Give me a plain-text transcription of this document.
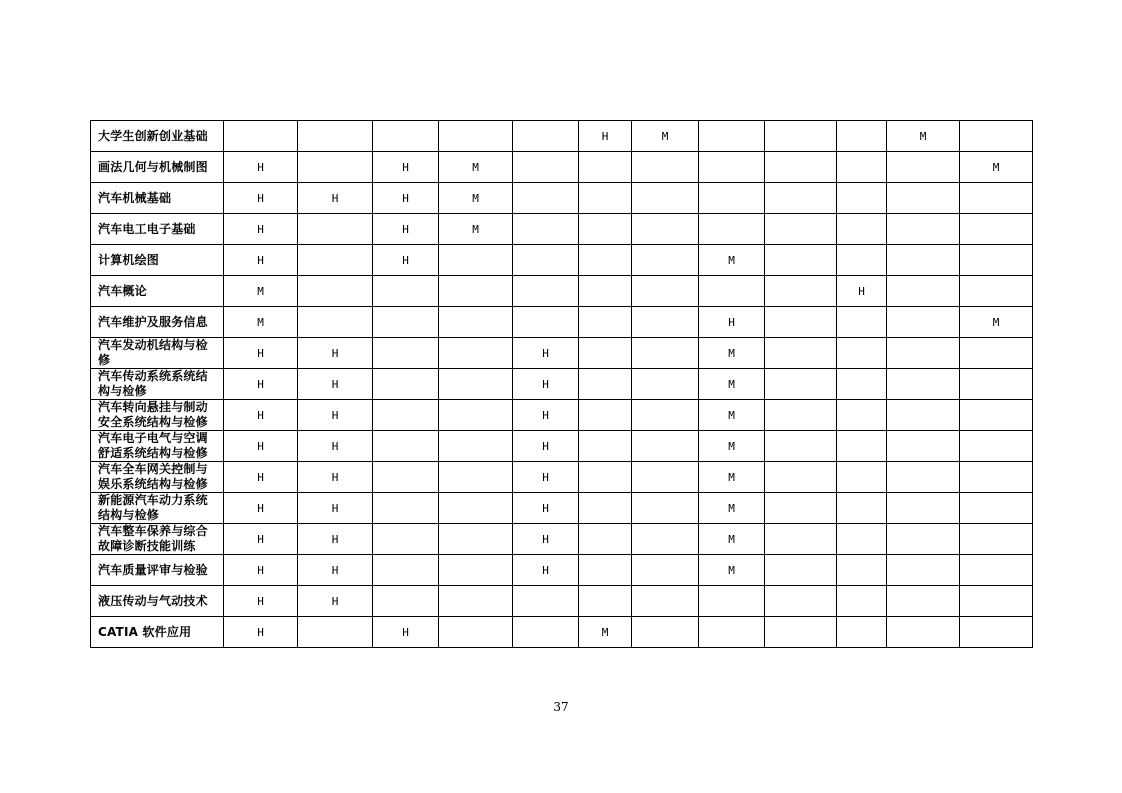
大学生创新创业基础						H	M				M	
画法几何与机械制图	H		H	M								M
汽车机械基础	H	H	H	M								
汽车电工电子基础	H		H	M								
计算机绘图	H		H					M				
汽车概论	M									H		
汽车维护及服务信息	M							H				M
汽车发动机结构与检修	H	H			H			M				
汽车传动系统系统结构与检修	H	H			H			M				
汽车转向悬挂与制动安全系统结构与检修	H	H			H			M				
汽车电子电气与空调舒适系统结构与检修	H	H			H			M				
汽车全车网关控制与娱乐系统结构与检修	H	H			H			M				
新能源汽车动力系统结构与检修	H	H			H			M				
汽车整车保养与综合故障诊断技能训练	H	H			H			M				
汽车质量评审与检验	H	H			H			M				
液压传动与气动技术	H	H										
CATIA 软件应用	H		H			M						
37
